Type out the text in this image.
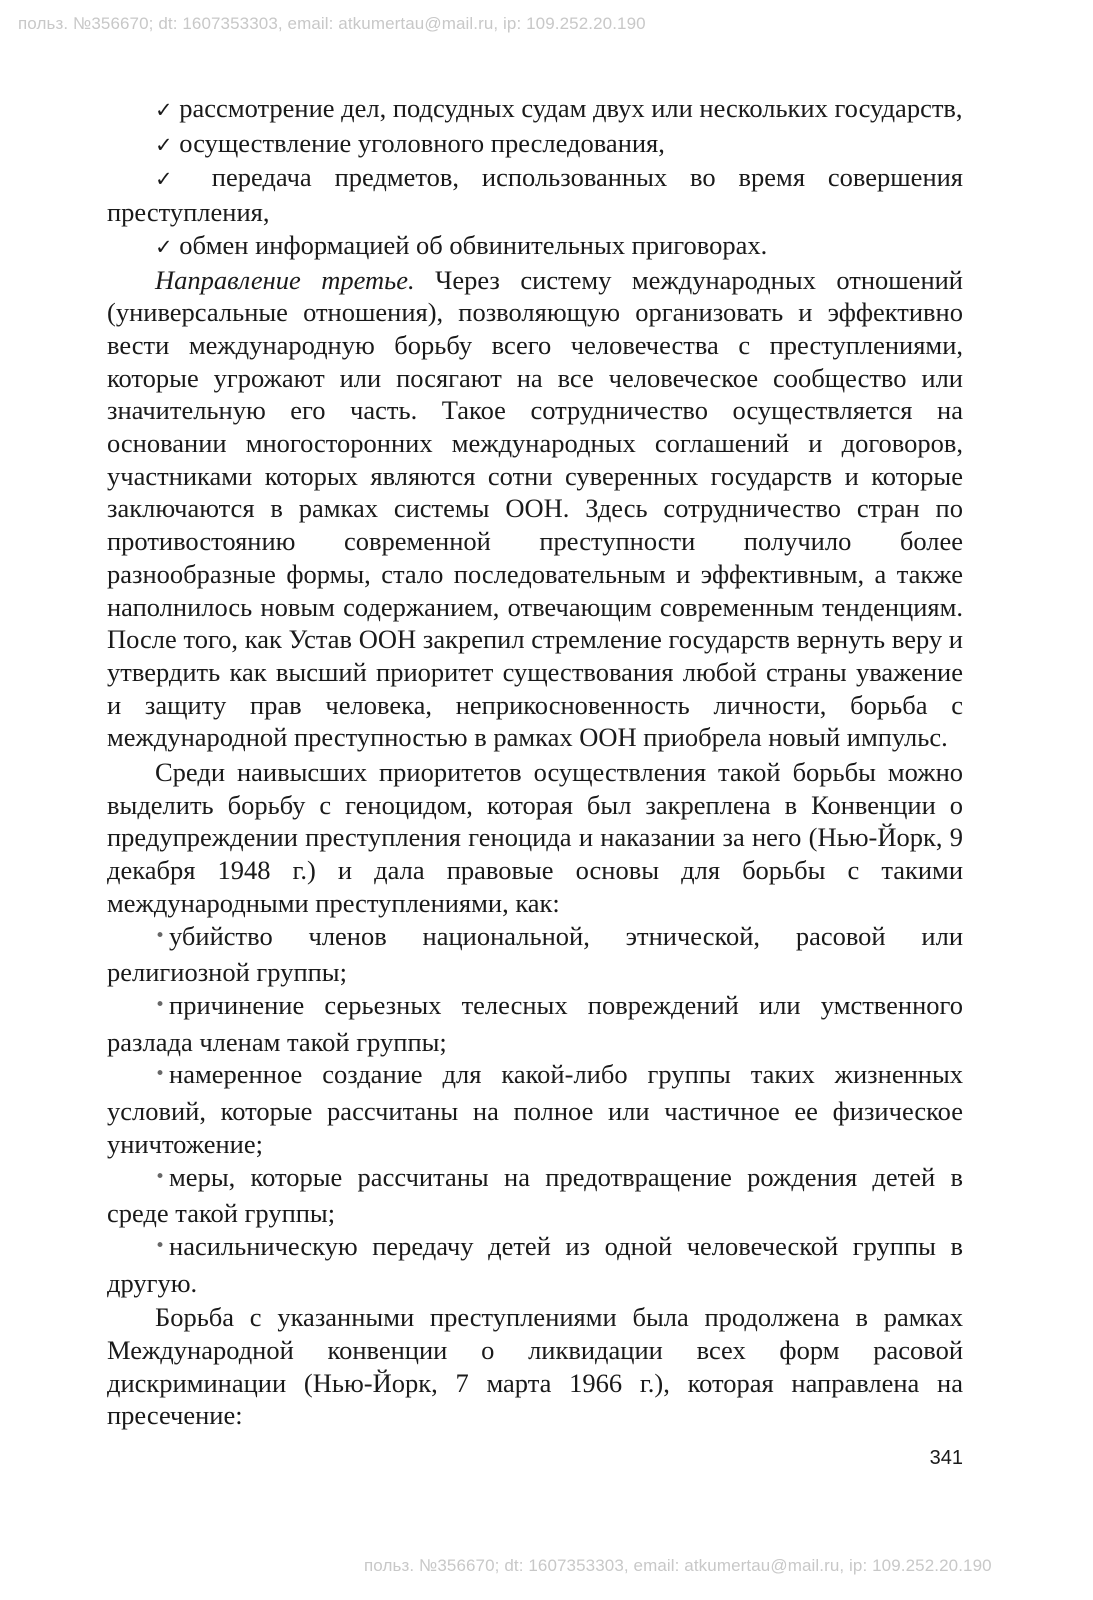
польз. №356670; dt: 1607353303, email: atkumertau@mail.ru, ip: 109.252.20.190

✓ рассмотрение дел, подсудных судам двух или нескольких государств,

✓ осуществление уголовного преследования,

✓ передача предметов, использованных во время совершения преступления,

✓ обмен информацией об обвинительных приговорах.

Направление третье. Через систему международных отношений (универсальные отношения), позволяющую организовать и эффективно вести международную борьбу всего человечества с преступлениями, которые угрожают или посягают на все человеческое сообщество или значительную его часть. Такое сотрудничество осуществляется на основании многосторонних международных соглашений и договоров, участниками которых являются сотни суверенных государств и которые заключаются в рамках системы ООН. Здесь сотрудничество стран по противостоянию современной преступности получило более разнообразные формы, стало последовательным и эффективным, а также наполнилось новым содержанием, отвечающим современным тенденциям. После того, как Устав ООН закрепил стремление государств вернуть веру и утвердить как высший приоритет существования любой страны уважение и защиту прав человека, неприкосновенность личности, борьба с международной преступностью в рамках ООН приобрела новый импульс.

Среди наивысших приоритетов осуществления такой борьбы можно выделить борьбу с геноцидом, которая был закреплена в Конвенции о предупреждении преступления геноцида и наказании за него (Нью-Йорк, 9 декабря 1948 г.) и дала правовые основы для борьбы с такими международными преступлениями, как:

• убийство членов национальной, этнической, расовой или религиозной группы;

• причинение серьезных телесных повреждений или умственного разлада членам такой группы;

• намеренное создание для какой-либо группы таких жизненных условий, которые рассчитаны на полное или частичное ее физическое уничтожение;

• меры, которые рассчитаны на предотвращение рождения детей в среде такой группы;

• насильническую передачу детей из одной человеческой группы в другую.

Борьба с указанными преступлениями была продолжена в рамках Международной конвенции о ликвидации всех форм расовой дискриминации (Нью-Йорк, 7 марта 1966 г.), которая направлена на пресечение:

341
польз. №356670; dt: 1607353303, email: atkumertau@mail.ru, ip: 109.252.20.190
